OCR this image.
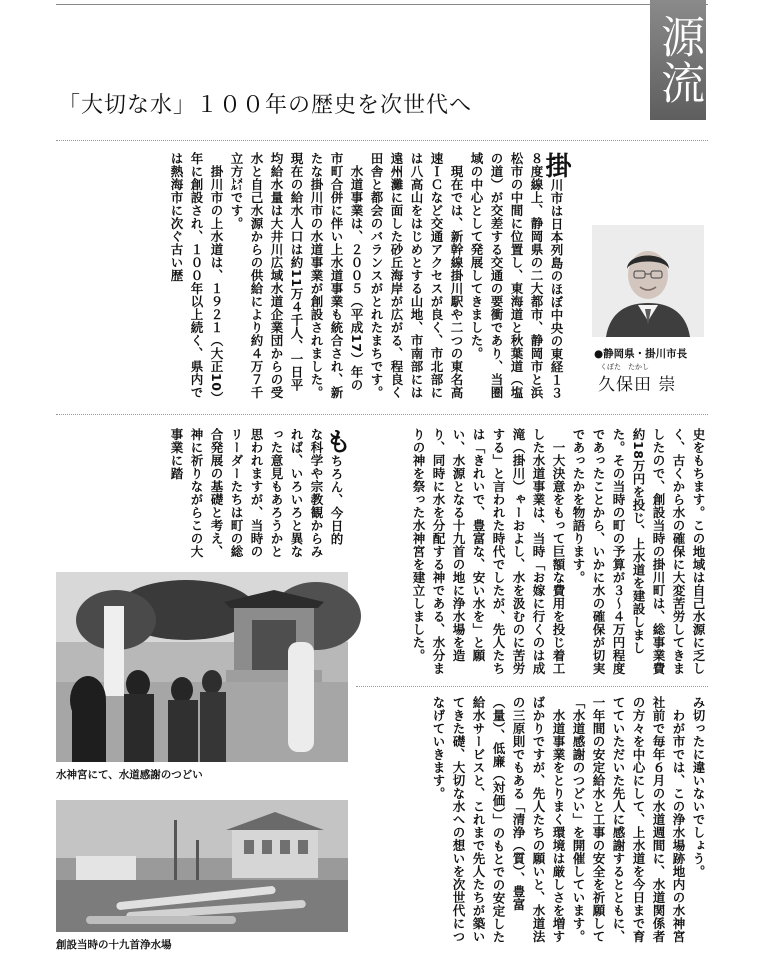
源流
「大切な水」１００年の歴史を次世代へ

掛川市は日本列島のほぼ中央の東経１３８度線上、静岡県の二大都市、静岡市と浜松市の中間に位置し、東海道と秋葉道（塩の道）が交差する交通の要衝であり、当圏域の中心として発展してきました。

　現在では、新幹線掛川駅や二つの東名高速ＩＣなど交通アクセスが良く、市北部には八高山をはじめとする山地、市南部には遠州灘に面した砂丘海岸が広がる、程良く田舎と都会のバランスがとれたまちです。

　水道事業は、２００５（平成17）年の市町合併に伴い上水道事業も統合され、新たな掛川市の水道事業が創設されました。現在の給水人口は約11万４千人、一日平均給水量は大井川広域水道企業団からの受水と自己水源からの供給により約４万７千立方㍍です。

　掛川市の上水道は、１９２１（大正10）年に創設され、１００年以上続く、県内では熱海市に次ぐ古い歴

●静岡県・掛川市長
くぼた　たかし
久保田 崇

史をもちます。この地域は自己水源に乏しく、古くから水の確保に大変苦労してきましたので、創設当時の掛川町は、総事業費約18万円を投じ、上水道を建設しました。その当時の町の予算が３～４万円程度であったことから、いかに水の確保が切実であったかを物語ります。

　一大決意をもって巨額な費用を投じ着工した水道事業は、当時「お嫁に行くのは成滝（掛川）ゃーおよし、水を汲むのに苦労する」と言われた時代でしたが、先人たちは「きれいで、豊富な、安い水を」と願い、水源となる十九首の地に浄水場を造り、同時に水を分配する神である、水分まりの神を祭った水神宮を建立しました。

もちろん、今日的な科学や宗教観からみれば、いろいろと異なった意見もあろうかと思われますが、当時のリーダーたちは町の総合発展の基礎と考え、神に祈りながらこの大事業に踏

み切ったに違いないでしょう。

　わが市では、この浄水場跡地内の水神宮社前で毎年６月の水道週間に、水道関係者の方々を中心にして、上水道を今日まで育てていただいた先人に感謝するとともに、一年間の安定給水と工事の安全を祈願して「水道感謝のつどい」を開催しています。

　水道事業をとりまく環境は厳しさを増すばかりですが、先人たちの願いと、水道法の三原則でもある「清浄（質）、豊富（量）、低廉（対価）」のもとでの安定した給水サービスと、これまで先人たちが築いてきた礎、大切な水への想いを次世代につなげていきます。

水神宮にて、水道感謝のつどい
創設当時の十九首浄水場
